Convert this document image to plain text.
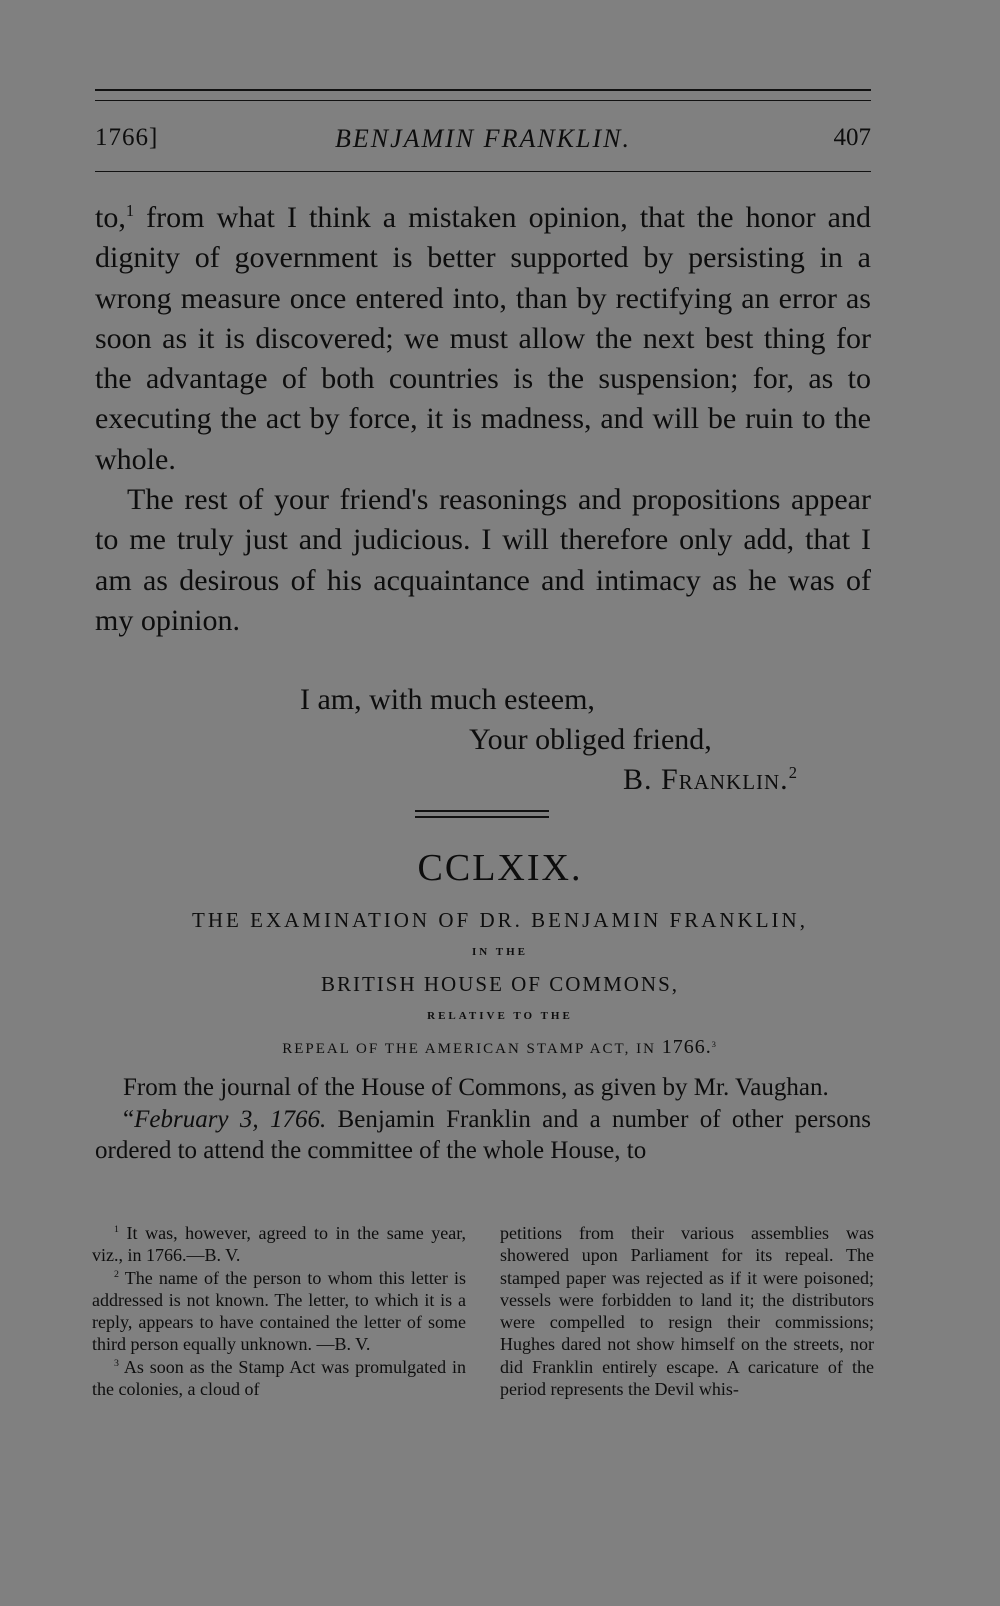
1766]	BENJAMIN FRANKLIN.	407

to,$^1$ from what I think a mistaken opinion, that the honor and dignity of government is better supported by persisting in a wrong measure once entered into, than by rectifying an error as soon as it is discovered; we must allow the next best thing for the advantage of both countries is the suspension; for, as to executing the act by force, it is madness, and will be ruin to the whole.

The rest of your friend's reasonings and propositions appear to me truly just and judicious. I will therefore only add, that I am as desirous of his acquaintance and intimacy as he was of my opinion.

I am, with much esteem,
Your obliged friend,
B. Franklin.$^2$
CCLXIX.
THE EXAMINATION OF DR. BENJAMIN FRANKLIN,
IN THE
BRITISH HOUSE OF COMMONS,
RELATIVE TO THE
REPEAL OF THE AMERICAN STAMP ACT, IN 1766.$^3$

From the journal of the House of Commons, as given by Mr. Vaughan.

“February 3, 1766. Benjamin Franklin and a number of other persons ordered to attend the committee of the whole House, to

$^1$ It was, however, agreed to in the same year, viz., in 1766.—B. V.

$^2$ The name of the person to whom this letter is addressed is not known. The letter, to which it is a reply, appears to have contained the letter of some third person equally unknown. —B. V.

$^3$ As soon as the Stamp Act was promulgated in the colonies, a cloud of

petitions from their various assemblies was showered upon Parliament for its repeal. The stamped paper was rejected as if it were poisoned; vessels were forbidden to land it; the distributors were compelled to resign their commissions; Hughes dared not show himself on the streets, nor did Franklin entirely escape. A caricature of the period represents the Devil whis-
